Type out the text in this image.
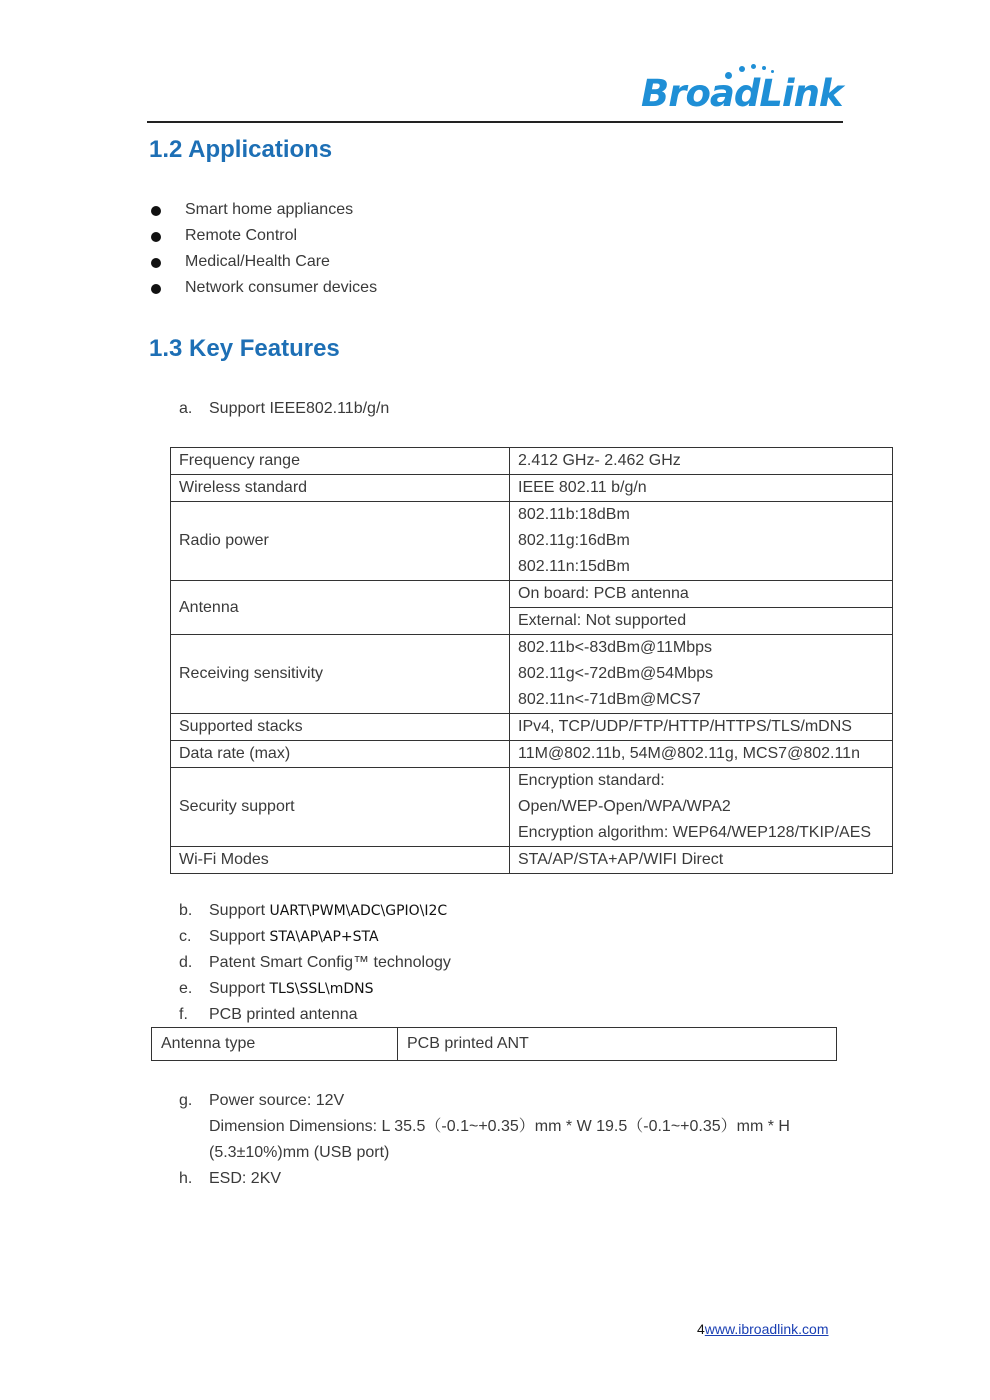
BroadLink
1.2 Applications
Smart home appliances
Remote Control
Medical/Health Care
Network consumer devices
1.3 Key Features
a. Support IEEE802.11b/g/n
Frequency range	2.412 GHz- 2.462 GHz
Wireless standard	IEEE 802.11 b/g/n
Radio power	802.11b:18dBm
802.11g:16dBm
802.11n:15dBm

Antenna	On board: PCB antenna
External: Not supported

Receiving sensitivity	802.11b<-83dBm@11Mbps
802.11g<-72dBm@54Mbps
802.11n<-71dBm@MCS7

Supported stacks	IPv4, TCP/UDP/FTP/HTTP/HTTPS/TLS/mDNS
Data rate (max)	11M@802.11b, 54M@802.11g, MCS7@802.11n
Security support	Encryption standard:
Open/WEP-Open/WPA/WPA2
Encryption algorithm: WEP64/WEP128/TKIP/AES

Wi-Fi Modes	STA/AP/STA+AP/WIFI Direct
b. Support UART\PWM\ADC\GPIO\I2C
c. Support STA\AP\AP+STA
d. Patent Smart Config™ technology
e. Support TLS\SSL\mDNS
f. PCB printed antenna
Antenna type	PCB printed ANT
g. Power source: 12V
Dimension Dimensions: L 35.5（-0.1~+0.35）mm * W 19.5（-0.1~+0.35）mm * H
(5.3±10%)mm (USB port)
h. ESD: 2KV
4www.ibroadlink.com
